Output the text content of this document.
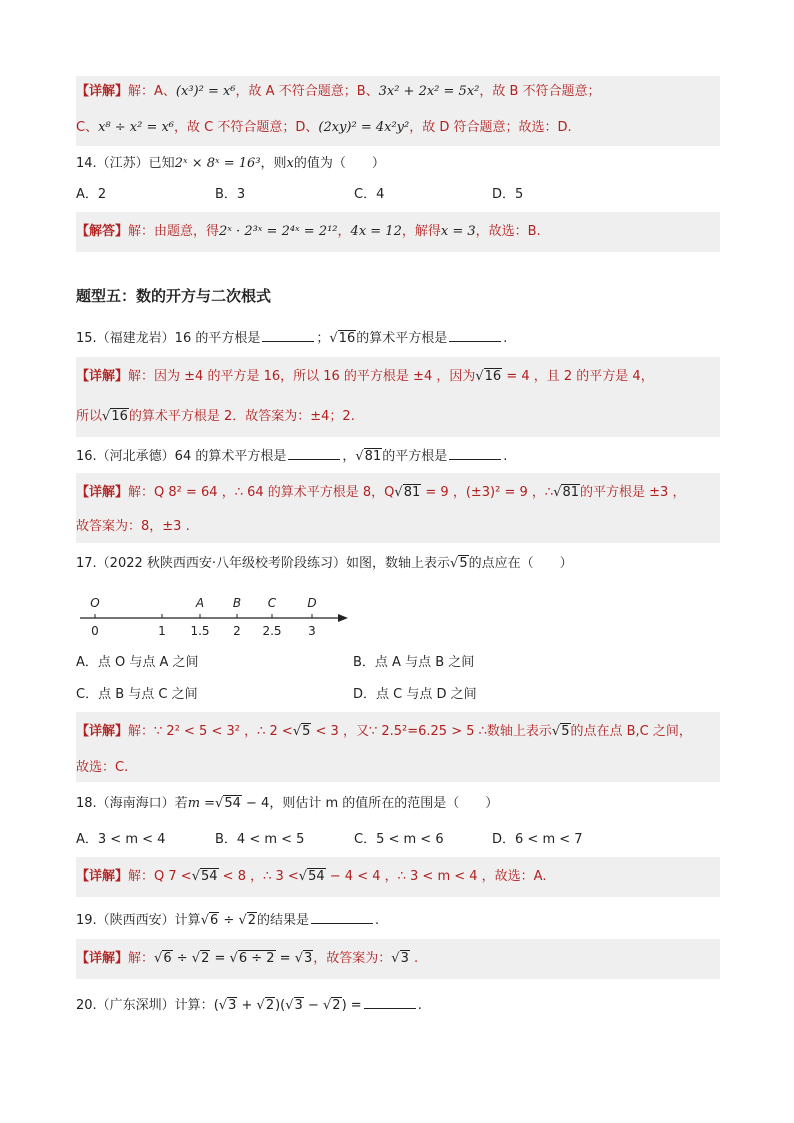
【详解】解：A、(x³)² = x⁶，故 A 不符合题意；B、3x² + 2x² = 5x²，故 B 不符合题意；
C、x⁸ ÷ x² = x⁶，故 C 不符合题意；D、(2xy)² = 4x²y²，故 D 符合题意；故选：D.
14.（江苏）已知2ˣ × 8ˣ = 16³，则x的值为（ ）
A．2	B．3	C．4	D．5
【解答】解：由题意，得2ˣ · 2³ˣ = 2⁴ˣ = 2¹²，4x = 12，解得x = 3，故选：B.
题型五：数的开方与二次根式
15.（福建龙岩）16 的平方根是	；√16的算术平方根是	.
【详解】解：因为 ±4 的平方是 16，所以 16 的平方根是 ±4 ，因为√16 = 4 ，且 2 的平方是 4，
所以√16的算术平方根是 2．故答案为：±4；2.
16.（河北承德）64 的算术平方根是	，√81的平方根是	.
【详解】解：Q 8² = 64 ，∴ 64 的算术平方根是 8，Q√81 = 9 ，(±3)² = 9 ，∴√81的平方根是 ±3 ，
故答案为：8，±3 .
17.（2022 秋陕西西安·八年级校考阶段练习）如图，数轴上表示√5的点应在（ ）
0	1 1.5 2 2.5 3
O	A B C	D
A．点 O 与点 A 之间	B．点 A 与点 B 之间
C．点 B 与点 C 之间	D．点 C 与点 D 之间
【详解】解：∵ 2² < 5 < 3² ，∴ 2 <√5 < 3 ，又∵ 2.5²=6.25 > 5 ∴数轴上表示√5的点在点 B,C 之间，
故选：C.
18.（海南海口）若m =√54 − 4，则估计 m 的值所在的范围是（ ）
A．3 < m < 4	B．4 < m < 5	C．5 < m < 6	D．6 < m < 7
【详解】解：Q 7 <√54 < 8 ，∴ 3 <√54 − 4 < 4 ，∴ 3 < m < 4 ，故选：A.
19.（陕西西安）计算√6 ÷ √2的结果是	.
【详解】解：√6 ÷ √2 = √6 ÷ 2 = √3，故答案为：√3 .
20.（广东深圳）计算：(√3 + √2)(√3 − √2) =	.
